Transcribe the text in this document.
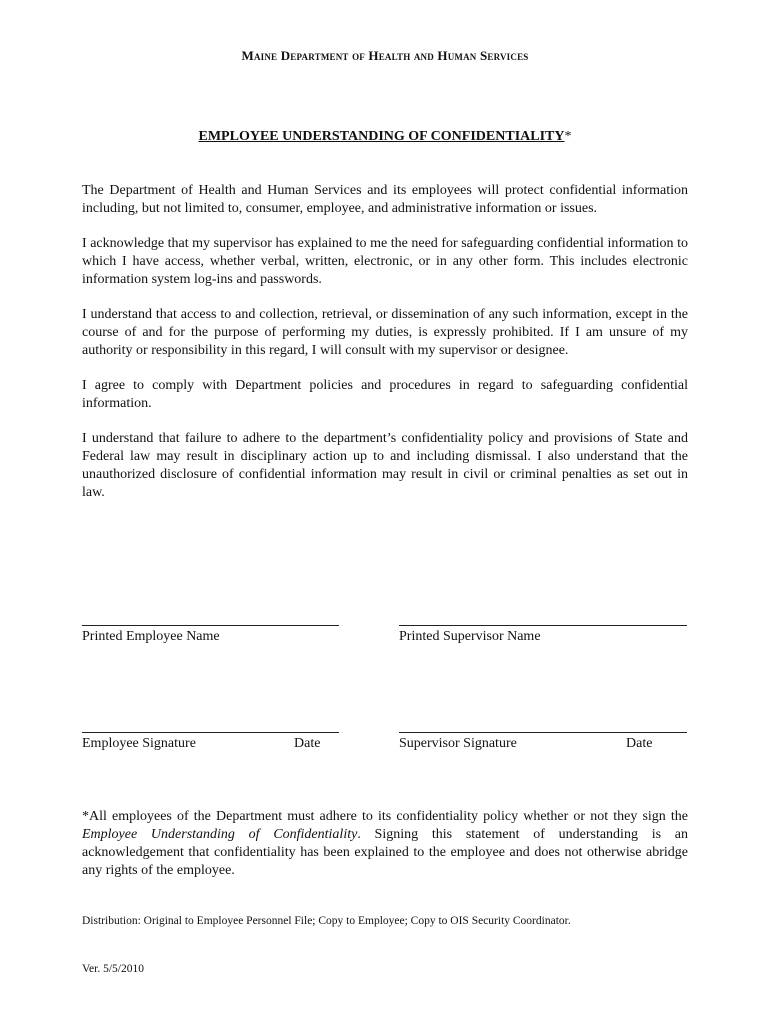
Maine Department of Health and Human Services
EMPLOYEE UNDERSTANDING OF CONFIDENTIALITY*

The Department of Health and Human Services and its employees will protect confidential information including, but not limited to, consumer, employee, and administrative information or issues.

I acknowledge that my supervisor has explained to me the need for safeguarding confidential information to which I have access, whether verbal, written, electronic, or in any other form. This includes electronic information system log-ins and passwords.

I understand that access to and collection, retrieval, or dissemination of any such information, except in the course of and for the purpose of performing my duties, is expressly prohibited. If I am unsure of my authority or responsibility in this regard, I will consult with my supervisor or designee.

I agree to comply with Department policies and procedures in regard to safeguarding confidential information.

I understand that failure to adhere to the department’s confidentiality policy and provisions of State and Federal law may result in disciplinary action up to and including dismissal. I also understand that the unauthorized disclosure of confidential information may result in civil or criminal penalties as set out in law.

Printed Employee Name	Printed Supervisor Name
Employee Signature	Date	Supervisor Signature	Date
*All employees of the Department must adhere to its confidentiality policy whether or not they sign the Employee Understanding of Confidentiality. Signing this statement of understanding is an acknowledgement that confidentiality has been explained to the employee and does not otherwise abridge any rights of the employee.
Distribution: Original to Employee Personnel File; Copy to Employee; Copy to OIS Security Coordinator.
Ver. 5/5/2010
